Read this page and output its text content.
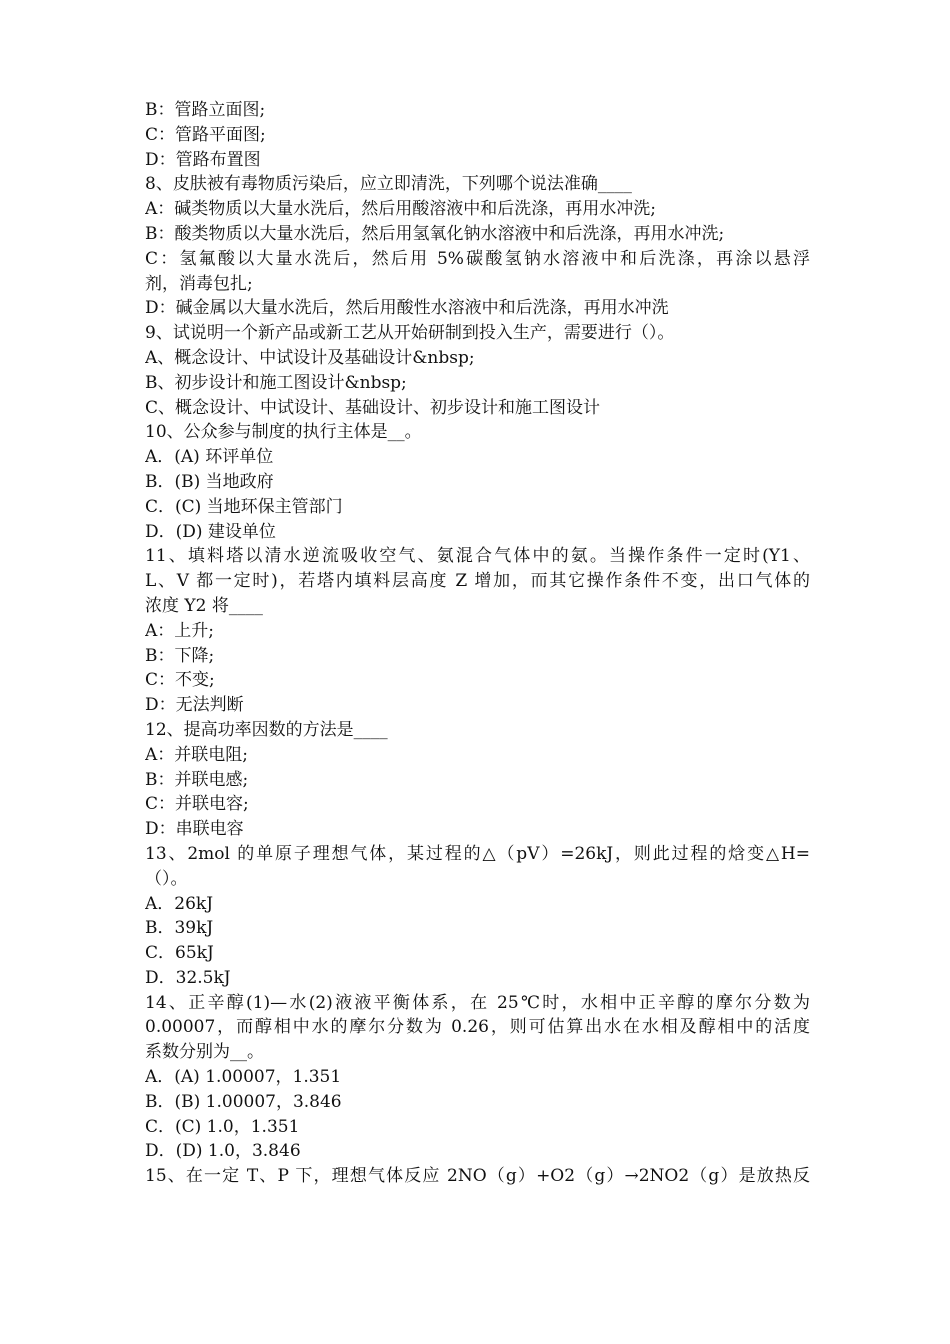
B：管路立面图;
C：管路平面图;
D：管路布置图
8、皮肤被有毒物质污染后，应立即清洗，下列哪个说法准确____
A：碱类物质以大量水洗后，然后用酸溶液中和后洗涤，再用水冲洗;
B：酸类物质以大量水洗后，然后用氢氧化钠水溶液中和后洗涤，再用水冲洗;
C：氢氟酸以大量水洗后，然后用 5%碳酸氢钠水溶液中和后洗涤，再涂以悬浮
剂，消毒包扎;
D：碱金属以大量水洗后，然后用酸性水溶液中和后洗涤，再用水冲洗
9、试说明一个新产品或新工艺从开始研制到投入生产，需要进行（）。
A、概念设计、中试设计及基础设计&nbsp;
B、初步设计和施工图设计&nbsp;
C、概念设计、中试设计、基础设计、初步设计和施工图设计
10、公众参与制度的执行主体是__。
A．(A) 环评单位
B．(B) 当地政府
C．(C) 当地环保主管部门
D．(D) 建设单位
11、填料塔以清水逆流吸收空气、氨混合气体中的氨。当操作条件一定时(Y1、
L、V 都一定时)，若塔内填料层高度 Z 增加，而其它操作条件不变，出口气体的
浓度 Y2 将____
A：上升;
B：下降;
C：不变;
D：无法判断
12、提高功率因数的方法是____
A：并联电阻;
B：并联电感;
C：并联电容;
D：串联电容
13、2mol 的单原子理想气体，某过程的△（pV）=26kJ，则此过程的焓变△H=
（）。
A．26kJ
B．39kJ
C．65kJ
D．32.5kJ
14、正辛醇(1)—水(2)液液平衡体系，在 25℃时，水相中正辛醇的摩尔分数为
0.00007，而醇相中水的摩尔分数为 0.26，则可估算出水在水相及醇相中的活度
系数分别为__。
A．(A) 1.00007，1.351
B．(B) 1.00007，3.846
C．(C) 1.0，1.351
D．(D) 1.0，3.846
15、在一定 T、P 下，理想气体反应 2NO（g）+O2（g）→2NO2（g）是放热反
